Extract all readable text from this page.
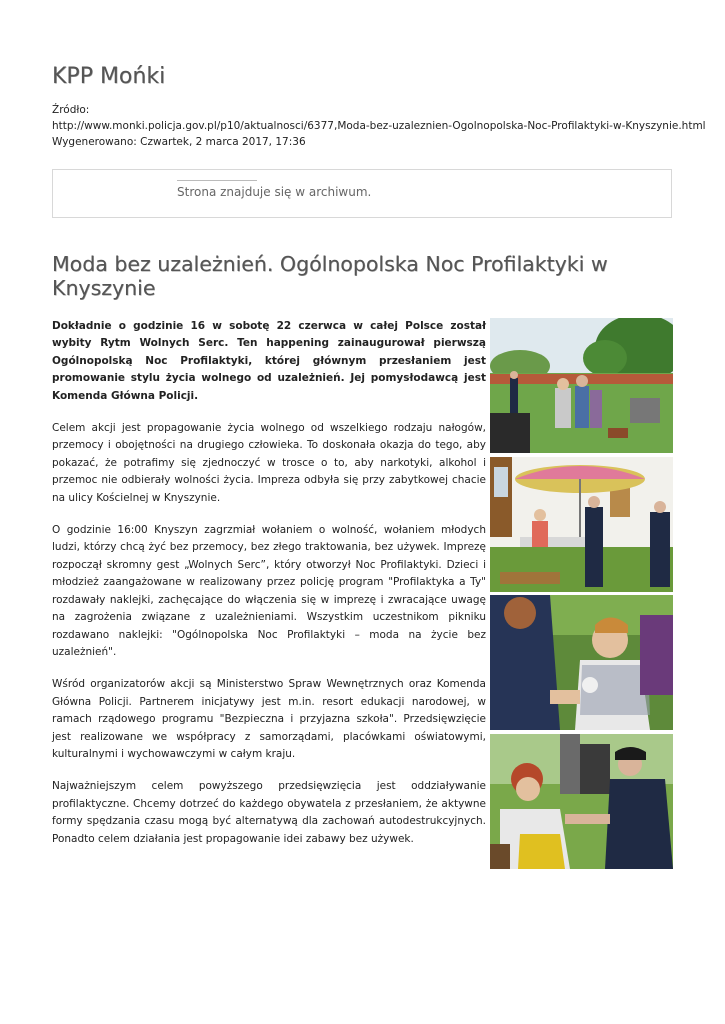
KPP Mońki
Źródło:
http://www.monki.policja.gov.pl/p10/aktualnosci/6377,Moda-bez-uzaleznien-Ogolnopolska-Noc-Profilaktyki-w-Knyszynie.html
Wygenerowano: Czwartek, 2 marca 2017, 17:36
Strona znajduje się w archiwum.
Moda bez uzależnień. Ogólnopolska Noc Profilaktyki w Knyszynie

Dokładnie o godzinie 16 w sobotę 22 czerwca w całej Polsce został wybity Rytm Wolnych Serc. Ten happening zainaugurował pierwszą Ogólnopolską Noc Profilaktyki, której głównym przesłaniem jest promowanie stylu życia wolnego od uzależnień. Jej pomysłodawcą jest Komenda Główna Policji.

Celem akcji jest propagowanie życia wolnego od wszelkiego rodzaju nałogów, przemocy i obojętności na drugiego człowieka. To doskonała okazja do tego, aby pokazać, że potrafimy się zjednoczyć w trosce o to, aby narkotyki, alkohol i przemoc nie odbierały wolności życia. Impreza odbyła się przy zabytkowej chacie na ulicy Kościelnej w Knyszynie.

O godzinie 16:00 Knyszyn zagrzmiał wołaniem o wolność, wołaniem młodych ludzi, którzy chcą żyć bez przemocy, bez złego traktowania, bez używek. Imprezę rozpoczął skromny gest „Wolnych Serc”, który otworzył Noc Profilaktyki. Dzieci i młodzież zaangażowane w realizowany przez policję program "Profilaktyka a Ty" rozdawały naklejki, zachęcające do włączenia się w imprezę i zwracające uwagę na zagrożenia związane z uzależnieniami. Wszystkim uczestnikom pikniku rozdawano naklejki: "Ogólnopolska Noc Profilaktyki – moda na życie bez uzależnień".

Wśród organizatorów akcji są Ministerstwo Spraw Wewnętrznych oraz Komenda Główna Policji. Partnerem inicjatywy jest m.in. resort edukacji narodowej, w ramach rządowego programu "Bezpieczna i przyjazna szkoła". Przedsięwzięcie jest realizowane we współpracy z samorządami, placówkami oświatowymi, kulturalnymi i wychowawczymi w całym kraju.

Najważniejszym celem powyższego przedsięwzięcia jest oddziaływanie profilaktyczne. Chcemy dotrzeć do każdego obywatela z przesłaniem, że aktywne formy spędzania czasu mogą być alternatywą dla zachowań autodestrukcyjnych. Ponadto celem działania jest propagowanie idei zabawy bez używek.
